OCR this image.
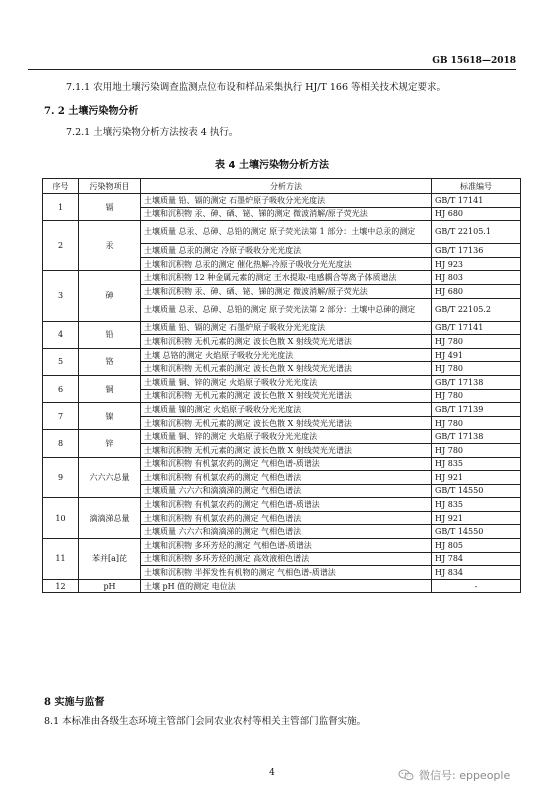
GB 15618—2018
7.1.1 农用地土壤污染调查监测点位布设和样品采集执行 HJ/T 166 等相关技术规定要求。
7. 2 土壤污染物分析
7.2.1 土壤污染物分析方法按表 4 执行。
表 4 土壤污染物分析方法
序号	污染物项目	分析方法	标准编号
1	镉	土壤质量 铅、镉的测定 石墨炉原子吸收分光光度法	GB/T 17141
		土壤和沉积物 汞、砷、硒、铋、锑的测定 微波消解/原子荧光法	HJ 680
2	汞	土壤质量 总汞、总砷、总铅的测定 原子荧光法第 1 部分：土壤中总汞的测定	GB/T 22105.1
		土壤质量 总汞的测定 冷原子吸收分光光度法	GB/T 17136
		土壤和沉积物 总汞的测定 催化热解-冷原子吸收分光光度法	HJ 923
3	砷	土壤和沉积物 12 种金属元素的测定 王水提取-电感耦合等离子体质谱法	HJ 803
		土壤和沉积物 汞、砷、硒、铋、锑的测定 微波消解/原子荧光法	HJ 680
		土壤质量 总汞、总砷、总铅的测定 原子荧光法第 2 部分：土壤中总砷的测定	GB/T 22105.2
4	铅	土壤质量 铅、镉的测定 石墨炉原子吸收分光光度法	GB/T 17141
		土壤和沉积物 无机元素的测定 波长色散 X 射线荧光光谱法	HJ 780
5	铬	土壤 总铬的测定 火焰原子吸收分光光度法	HJ 491
		土壤和沉积物 无机元素的测定 波长色散 X 射线荧光光谱法	HJ 780
6	铜	土壤质量 铜、锌的测定 火焰原子吸收分光光度法	GB/T 17138
		土壤和沉积物 无机元素的测定 波长色散 X 射线荧光光谱法	HJ 780
7	镍	土壤质量 镍的测定 火焰原子吸收分光光度法	GB/T 17139
		土壤和沉积物 无机元素的测定 波长色散 X 射线荧光光谱法	HJ 780
8	锌	土壤质量 铜、锌的测定 火焰原子吸收分光光度法	GB/T 17138
		土壤和沉积物 无机元素的测定 波长色散 X 射线荧光光谱法	HJ 780
9	六六六总量	土壤和沉积物 有机氯农药的测定 气相色谱-质谱法	HJ 835
		土壤和沉积物 有机氯农药的测定 气相色谱法	HJ 921
		土壤质量 六六六和滴滴涕的测定 气相色谱法	GB/T 14550
10	滴滴涕总量	土壤和沉积物 有机氯农药的测定 气相色谱-质谱法	HJ 835
		土壤和沉积物 有机氯农药的测定 气相色谱法	HJ 921
		土壤质量 六六六和滴滴涕的测定 气相色谱法	GB/T 14550
11	苯并[a]芘	土壤和沉积物 多环芳烃的测定 气相色谱-质谱法	HJ 805
		土壤和沉积物 多环芳烃的测定 高效液相色谱法	HJ 784
		土壤和沉积物 半挥发性有机物的测定 气相色谱-质谱法	HJ 834
12	pH	土壤 pH 值的测定 电位法	-
8 实施与监督
8.1 本标准由各级生态环境主管部门会同农业农村等相关主管部门监督实施。
4	微信号: eppeople
